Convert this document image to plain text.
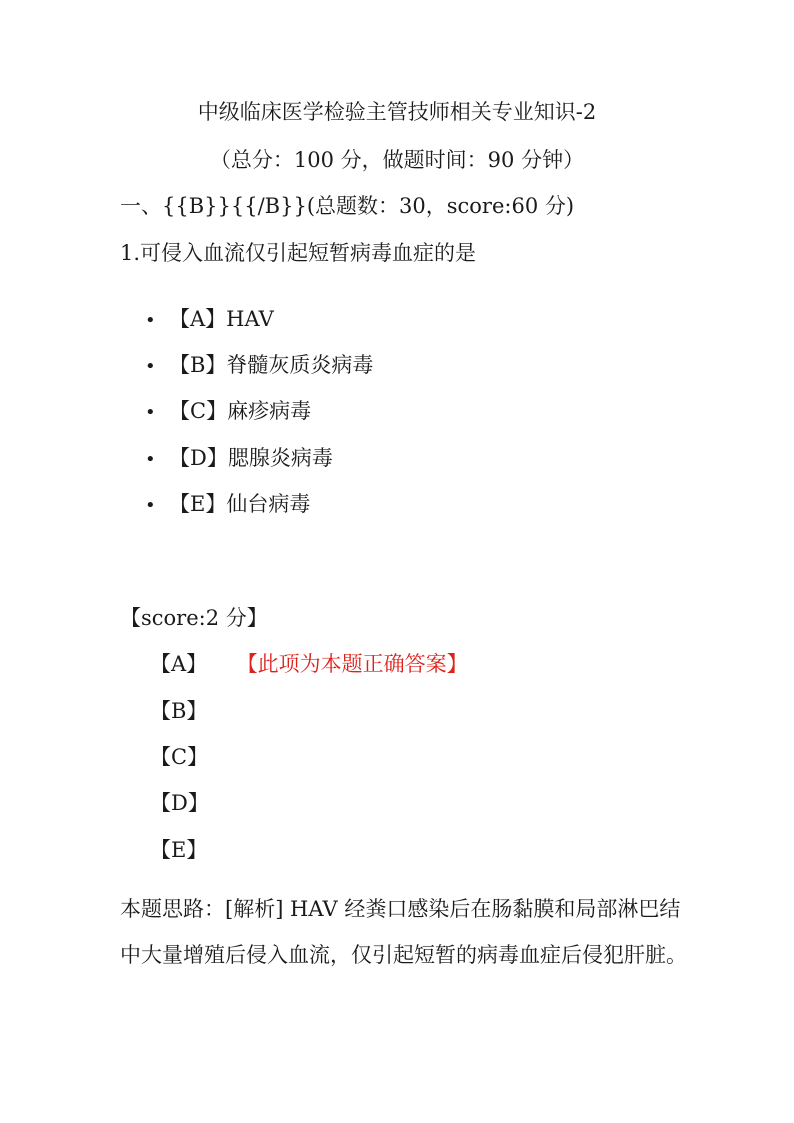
中级临床医学检验主管技师相关专业知识-2
（总分：100 分，做题时间：90 分钟）
一、{{B}}{{/B}}(总题数：30，score:60 分)
1.可侵入血流仅引起短暂病毒血症的是
• 【A】HAV
• 【B】脊髓灰质炎病毒
• 【C】麻疹病毒
• 【D】腮腺炎病毒
• 【E】仙台病毒
【score:2 分】
【A】 【此项为本题正确答案】
【B】
【C】
【D】
【E】
本题思路：[解析] HAV 经粪口感染后在肠黏膜和局部淋巴结中大量增殖后侵入血流，仅引起短暂的病毒血症后侵犯肝脏。
